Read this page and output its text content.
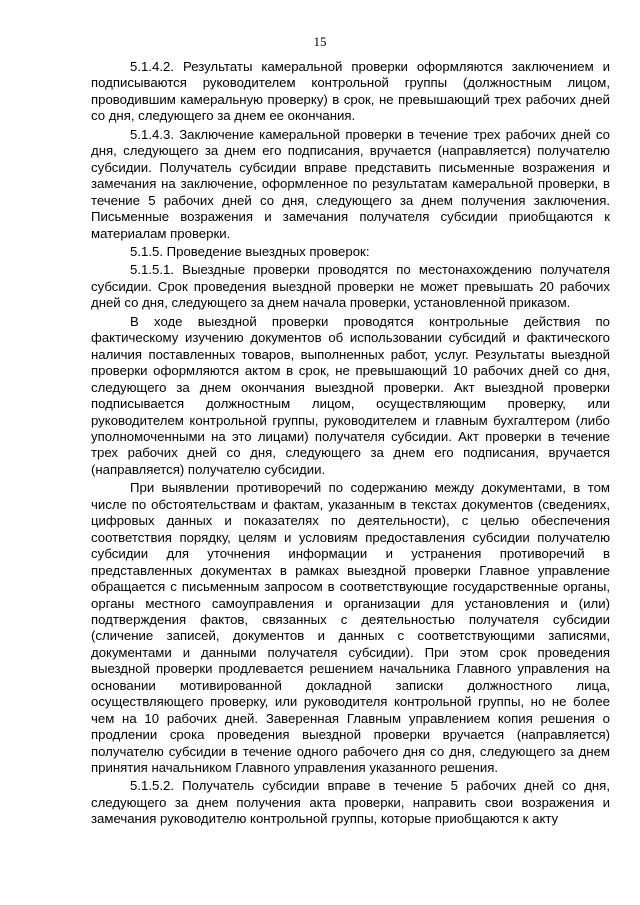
15

5.1.4.2. Результаты камеральной проверки оформляются заключением и подписываются руководителем контрольной группы (должностным лицом, проводившим камеральную проверку) в срок, не превышающий трех рабочих дней со дня, следующего за днем ее окончания.

5.1.4.3. Заключение камеральной проверки в течение трех рабочих дней со дня, следующего за днем его подписания, вручается (направляется) получателю субсидии. Получатель субсидии вправе представить письменные возражения и замечания на заключение, оформленное по результатам камеральной проверки, в течение 5 рабочих дней со дня, следующего за днем получения заключения. Письменные возражения и замечания получателя субсидии приобщаются к материалам проверки.

5.1.5. Проведение выездных проверок:

5.1.5.1. Выездные проверки проводятся по местонахождению получателя субсидии. Срок проведения выездной проверки не может превышать 20 рабочих дней со дня, следующего за днем начала проверки, установленной приказом.

В ходе выездной проверки проводятся контрольные действия по фактическому изучению документов об использовании субсидий и фактического наличия поставленных товаров, выполненных работ, услуг. Результаты выездной проверки оформляются актом в срок, не превышающий 10 рабочих дней со дня, следующего за днем окончания выездной проверки. Акт выездной проверки подписывается должностным лицом, осуществляющим проверку, или руководителем контрольной группы, руководителем и главным бухгалтером (либо уполномоченными на это лицами) получателя субсидии. Акт проверки в течение трех рабочих дней со дня, следующего за днем его подписания, вручается (направляется) получателю субсидии.

При выявлении противоречий по содержанию между документами, в том числе по обстоятельствам и фактам, указанным в текстах документов (сведениях, цифровых данных и показателях по деятельности), с целью обеспечения соответствия порядку, целям и условиям предоставления субсидии получателю субсидии для уточнения информации и устранения противоречий в представленных документах в рамках выездной проверки Главное управление обращается с письменным запросом в соответствующие государственные органы, органы местного самоуправления и организации для установления и (или) подтверждения фактов, связанных с деятельностью получателя субсидии (сличение записей, документов и данных с соответствующими записями, документами и данными получателя субсидии). При этом срок проведения выездной проверки продлевается решением начальника Главного управления на основании мотивированной докладной записки должностного лица, осуществляющего проверку, или руководителя контрольной группы, но не более чем на 10 рабочих дней. Заверенная Главным управлением копия решения о продлении срока проведения выездной проверки вручается (направляется) получателю субсидии в течение одного рабочего дня со дня, следующего за днем принятия начальником Главного управления указанного решения.

5.1.5.2. Получатель субсидии вправе в течение 5 рабочих дней со дня, следующего за днем получения акта проверки, направить свои возражения и замечания руководителю контрольной группы, которые приобщаются к акту
